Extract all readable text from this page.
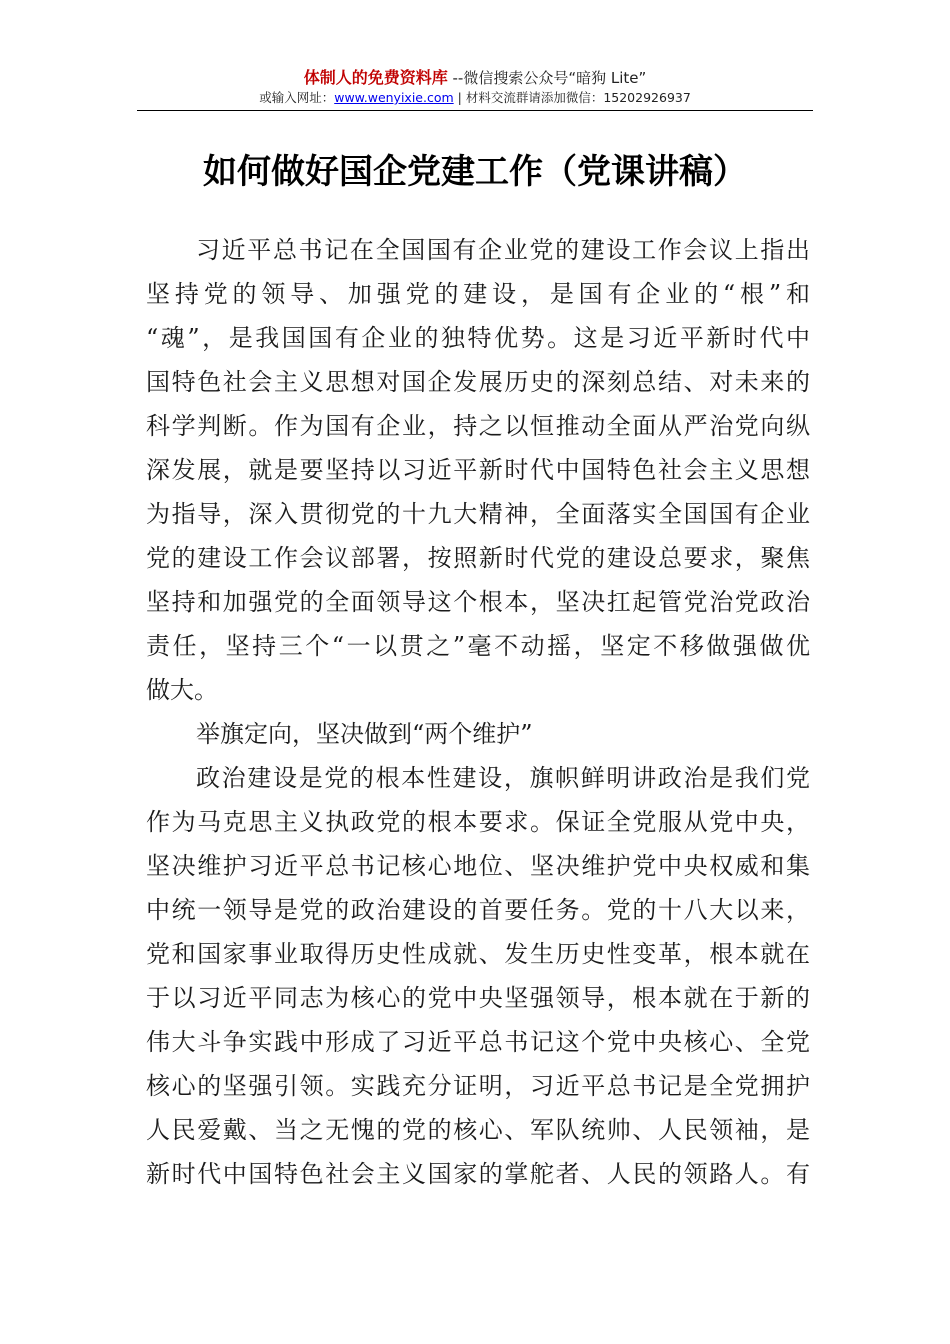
体制人的免费资料库 --微信搜索公众号“暗狗 Lite”
或输入网址：www.wenyixie.com | 材料交流群请添加微信：15202926937
如何做好国企党建工作（党课讲稿）
习近平总书记在全国国有企业党的建设工作会议上指出
坚持党的领导、加强党的建设，是国有企业的“根”和
“魂”，是我国国有企业的独特优势。这是习近平新时代中
国特色社会主义思想对国企发展历史的深刻总结、对未来的
科学判断。作为国有企业，持之以恒推动全面从严治党向纵
深发展，就是要坚持以习近平新时代中国特色社会主义思想
为指导，深入贯彻党的十九大精神，全面落实全国国有企业
党的建设工作会议部署，按照新时代党的建设总要求，聚焦
坚持和加强党的全面领导这个根本，坚决扛起管党治党政治
责任，坚持三个“一以贯之”毫不动摇，坚定不移做强做优
做大。
举旗定向，坚决做到“两个维护”
政治建设是党的根本性建设，旗帜鲜明讲政治是我们党
作为马克思主义执政党的根本要求。保证全党服从党中央，
坚决维护习近平总书记核心地位、坚决维护党中央权威和集
中统一领导是党的政治建设的首要任务。党的十八大以来，
党和国家事业取得历史性成就、发生历史性变革，根本就在
于以习近平同志为核心的党中央坚强领导，根本就在于新的
伟大斗争实践中形成了习近平总书记这个党中央核心、全党
核心的坚强引领。实践充分证明，习近平总书记是全党拥护
人民爱戴、当之无愧的党的核心、军队统帅、人民领袖，是
新时代中国特色社会主义国家的掌舵者、人民的领路人。有
